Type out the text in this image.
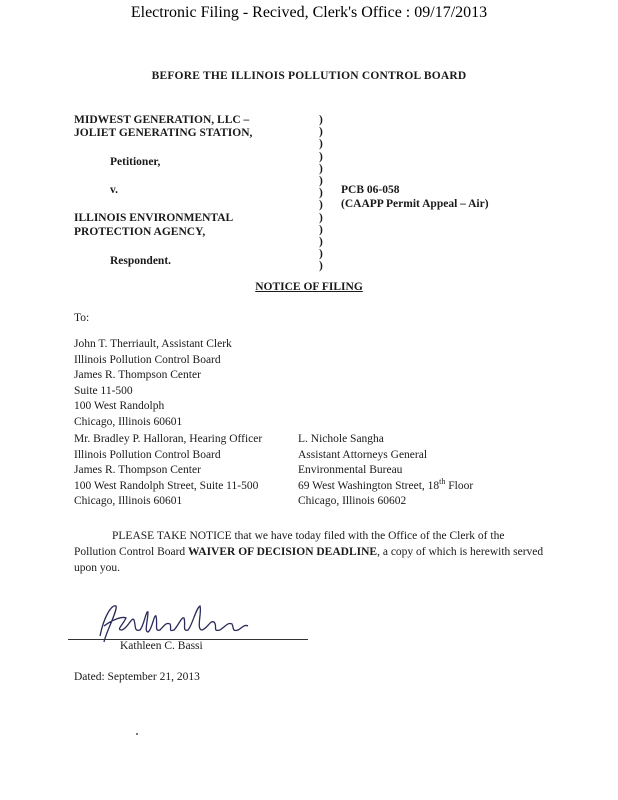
Electronic Filing - Recived, Clerk's Office : 09/17/2013
BEFORE THE ILLINOIS POLLUTION CONTROL BOARD
MIDWEST GENERATION, LLC –
JOLIET GENERATING STATION,
Petitioner,
v.
ILLINOIS ENVIRONMENTAL
PROTECTION AGENCY,
Respondent.
)
)
)
)
)
)
)
)
)
)
)
)
)
PCB 06-058
(CAAPP Permit Appeal – Air)
NOTICE OF FILING
To:
John T. Therriault, Assistant Clerk
Illinois Pollution Control Board
James R. Thompson Center
Suite 11-500
100 West Randolph
Chicago, Illinois 60601
Mr. Bradley P. Halloran, Hearing Officer
Illinois Pollution Control Board
James R. Thompson Center
100 West Randolph Street, Suite 11-500
Chicago, Illinois 60601
L. Nichole Sangha
Assistant Attorneys General
Environmental Bureau
69 West Washington Street, 18th Floor
Chicago, Illinois 60602

PLEASE TAKE NOTICE that we have today filed with the Office of the Clerk of the Pollution Control Board WAIVER OF DECISION DEADLINE, a copy of which is herewith served upon you.

Kathleen C. Bassi
Dated: September 21, 2013
